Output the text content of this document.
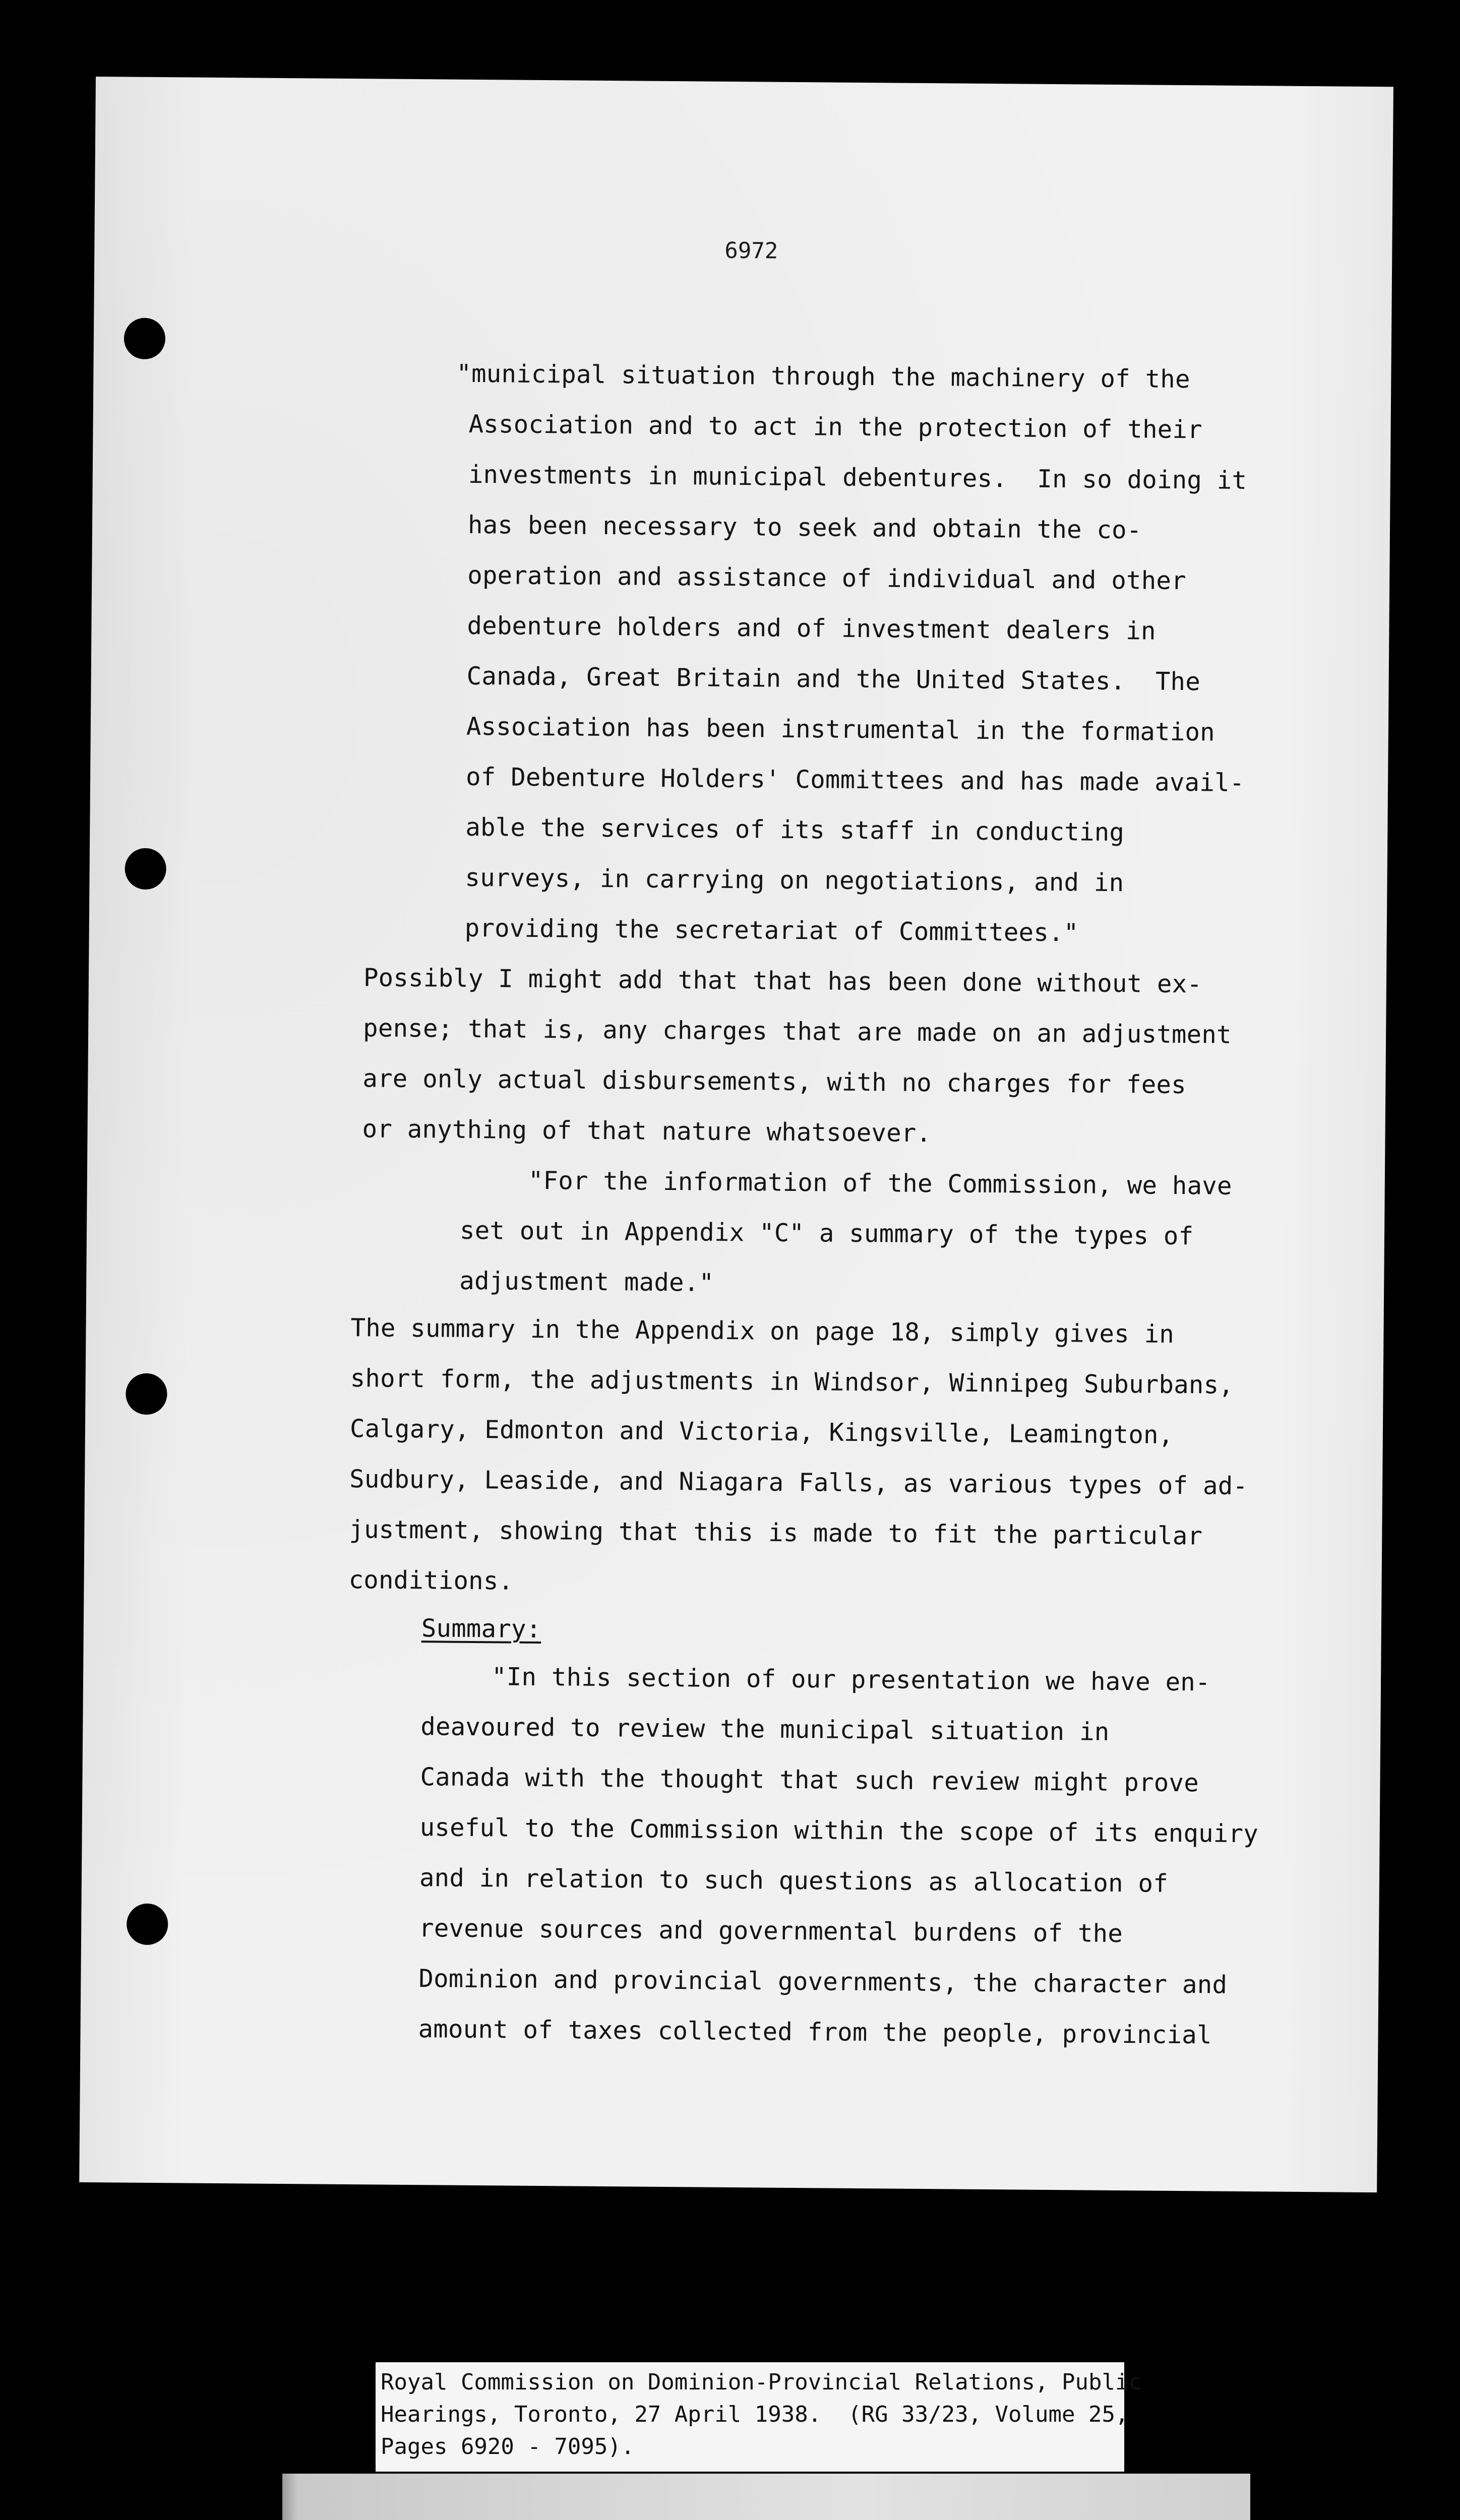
6972
"municipal situation through the machinery of the
Association and to act in the protection of their
investments in municipal debentures.  In so doing it
has been necessary to seek and obtain the co-
operation and assistance of individual and other
debenture holders and of investment dealers in
Canada, Great Britain and the United States.  The
Association has been instrumental in the formation
of Debenture Holders' Committees and has made avail-
able the services of its staff in conducting
surveys, in carrying on negotiations, and in
providing the secretariat of Committees."
Possibly I might add that that has been done without ex-
pense; that is, any charges that are made on an adjustment
are only actual disbursements, with no charges for fees
or anything of that nature whatsoever.
"For the information of the Commission, we have
set out in Appendix "C" a summary of the types of
adjustment made."
The summary in the Appendix on page 18, simply gives in
short form, the adjustments in Windsor, Winnipeg Suburbans,
Calgary, Edmonton and Victoria, Kingsville, Leamington,
Sudbury, Leaside, and Niagara Falls, as various types of ad-
justment, showing that this is made to fit the particular
conditions.
Summary:
"In this section of our presentation we have en-
deavoured to review the municipal situation in
Canada with the thought that such review might prove
useful to the Commission within the scope of its enquiry
and in relation to such questions as allocation of
revenue sources and governmental burdens of the
Dominion and provincial governments, the character and
amount of taxes collected from the people, provincial
Royal Commission on Dominion-Provincial Relations, Public
Hearings, Toronto, 27 April 1938.  (RG 33/23, Volume 25,
Pages 6920 - 7095).
